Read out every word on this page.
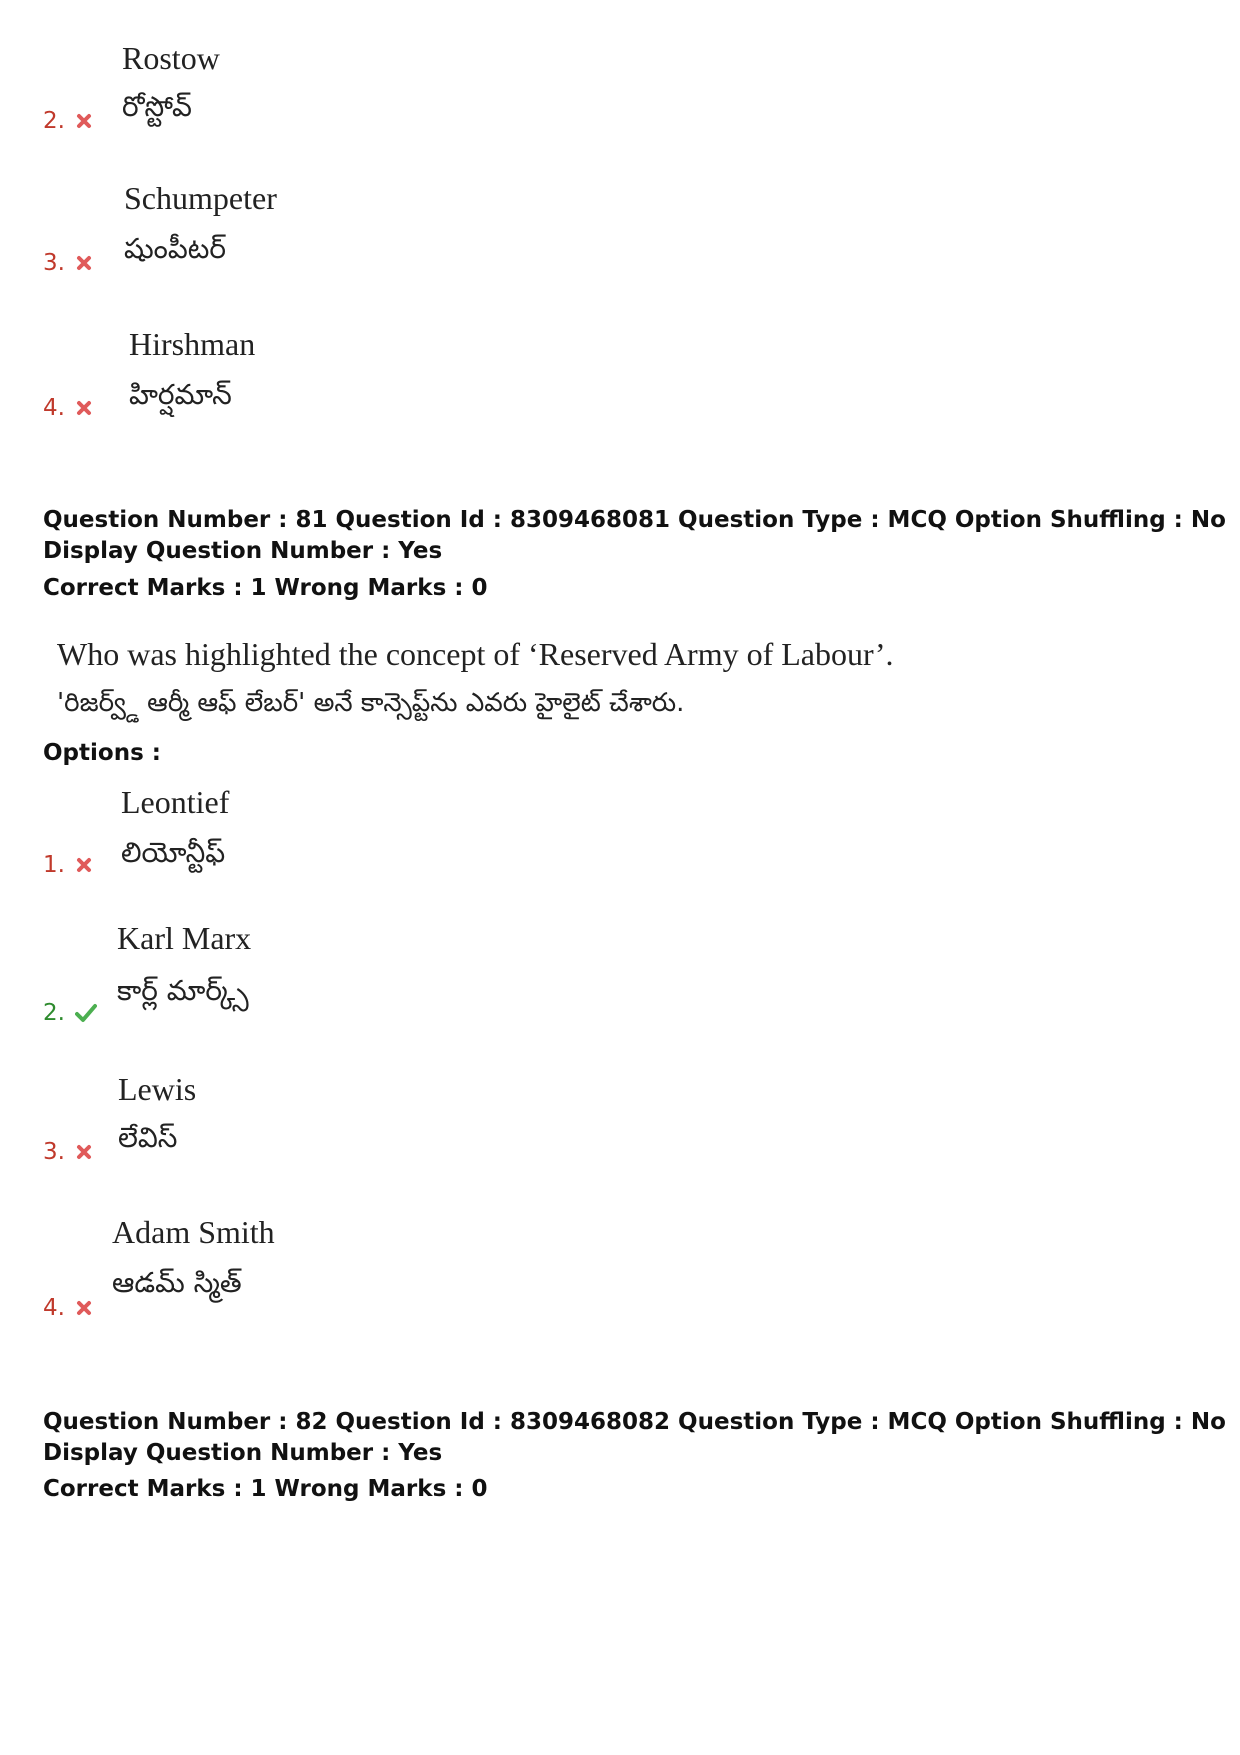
Rostow
రోస్టోవ్
2.
Schumpeter
షుంపీటర్
3.
Hirshman
హిర్షమాన్
4.
Question Number : 81 Question Id : 8309468081 Question Type : MCQ Option Shuffling : No
Display Question Number : Yes
Correct Marks : 1 Wrong Marks : 0
Who was highlighted the concept of ‘Reserved Army of Labour’.
'రిజర్వ్డ్ ఆర్మీ ఆఫ్ లేబర్' అనే కాన్సెప్ట్‌ను ఎవరు హైలైట్ చేశారు.
Options :
Leontief
లియోన్టీఫ్
1.
Karl Marx
కార్ల్ మార్క్స్
2.
Lewis
లేవిస్
3.
Adam Smith
ఆడమ్ స్మిత్
4.
Question Number : 82 Question Id : 8309468082 Question Type : MCQ Option Shuffling : No
Display Question Number : Yes
Correct Marks : 1 Wrong Marks : 0
